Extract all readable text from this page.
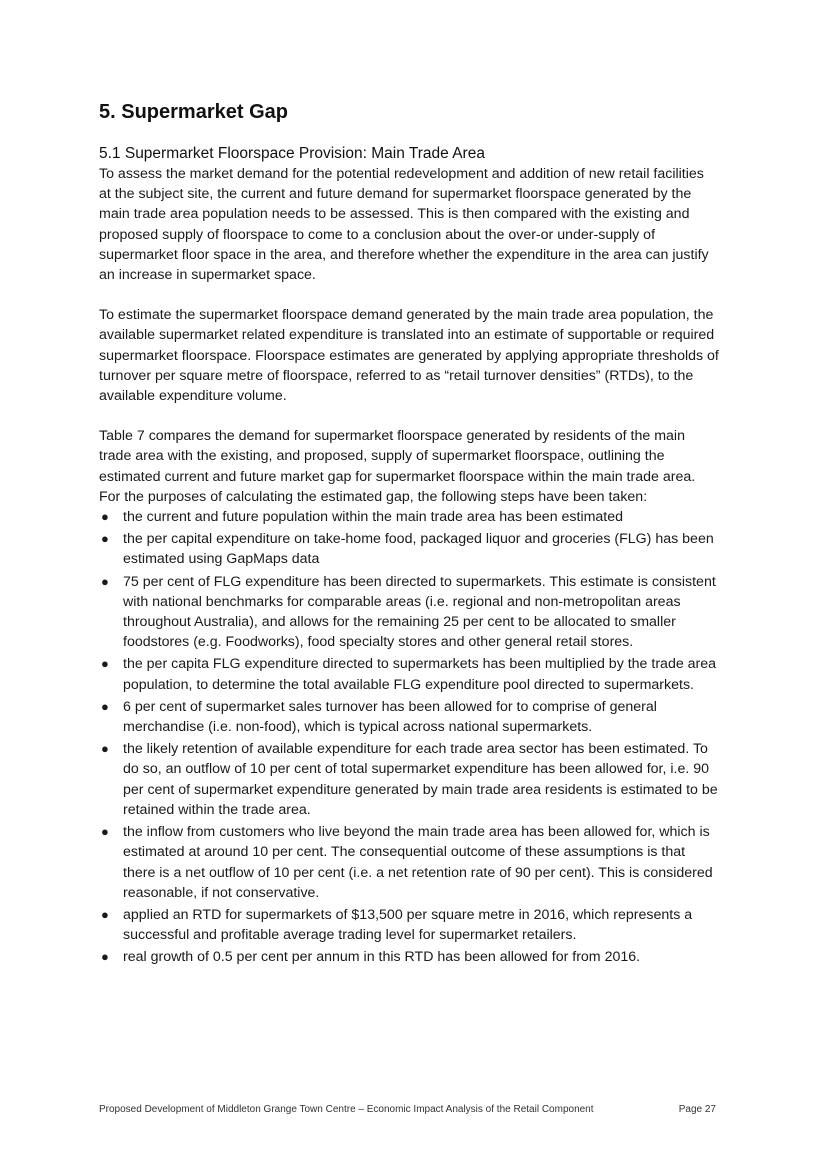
5. Supermarket Gap
5.1 Supermarket Floorspace Provision: Main Trade Area

To assess the market demand for the potential redevelopment and addition of new retail facilities at the subject site, the current and future demand for supermarket floorspace generated by the main trade area population needs to be assessed. This is then compared with the existing and proposed supply of floorspace to come to a conclusion about the over-or under-supply of supermarket floor space in the area, and therefore whether the expenditure in the area can justify an increase in supermarket space.

To estimate the supermarket floorspace demand generated by the main trade area population, the available supermarket related expenditure is translated into an estimate of supportable or required supermarket floorspace. Floorspace estimates are generated by applying appropriate thresholds of turnover per square metre of floorspace, referred to as “retail turnover densities” (RTDs), to the available expenditure volume.

Table 7 compares the demand for supermarket floorspace generated by residents of the main trade area with the existing, and proposed, supply of supermarket floorspace, outlining the estimated current and future market gap for supermarket floorspace within the main trade area. For the purposes of calculating the estimated gap, the following steps have been taken:

● the current and future population within the main trade area has been estimated
● the per capital expenditure on take-home food, packaged liquor and groceries (FLG) has been estimated using GapMaps data
● 75 per cent of FLG expenditure has been directed to supermarkets. This estimate is consistent with national benchmarks for comparable areas (i.e. regional and non-metropolitan areas throughout Australia), and allows for the remaining 25 per cent to be allocated to smaller foodstores (e.g. Foodworks), food specialty stores and other general retail stores.
● the per capita FLG expenditure directed to supermarkets has been multiplied by the trade area population, to determine the total available FLG expenditure pool directed to supermarkets.
● 6 per cent of supermarket sales turnover has been allowed for to comprise of general merchandise (i.e. non-food), which is typical across national supermarkets.
● the likely retention of available expenditure for each trade area sector has been estimated. To do so, an outflow of 10 per cent of total supermarket expenditure has been allowed for, i.e. 90 per cent of supermarket expenditure generated by main trade area residents is estimated to be retained within the trade area.
● the inflow from customers who live beyond the main trade area has been allowed for, which is estimated at around 10 per cent. The consequential outcome of these assumptions is that there is a net outflow of 10 per cent (i.e. a net retention rate of 90 per cent). This is considered reasonable, if not conservative.
● applied an RTD for supermarkets of $13,500 per square metre in 2016, which represents a successful and profitable average trading level for supermarket retailers.
● real growth of 0.5 per cent per annum in this RTD has been allowed for from 2016.
Proposed Development of Middleton Grange Town Centre – Economic Impact Analysis of the Retail Component	Page 27
